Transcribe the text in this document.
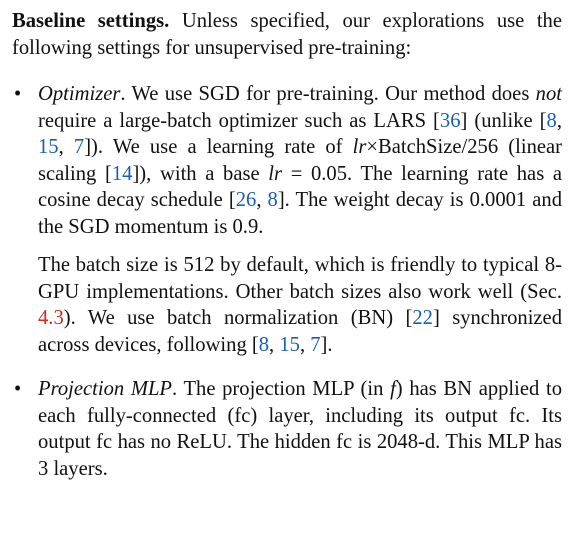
Baseline settings. Unless specified, our explorations use the following settings for unsupervised pre-training:

• Optimizer. We use SGD for pre-training. Our method does not require a large-batch optimizer such as LARS [36] (unlike [8, 15, 7]). We use a learning rate of lr×BatchSize/256 (linear scaling [14]), with a base lr = 0.05. The learning rate has a cosine decay schedule [26, 8]. The weight decay is 0.0001 and the SGD momentum is 0.9.

The batch size is 512 by default, which is friendly to typical 8-GPU implementations. Other batch sizes also work well (Sec. 4.3). We use batch normalization (BN) [22] synchronized across devices, following [8, 15, 7].

• Projection MLP. The projection MLP (in f) has BN applied to each fully-connected (fc) layer, including its output fc. Its output fc has no ReLU. The hidden fc is 2048-d. This MLP has 3 layers.
